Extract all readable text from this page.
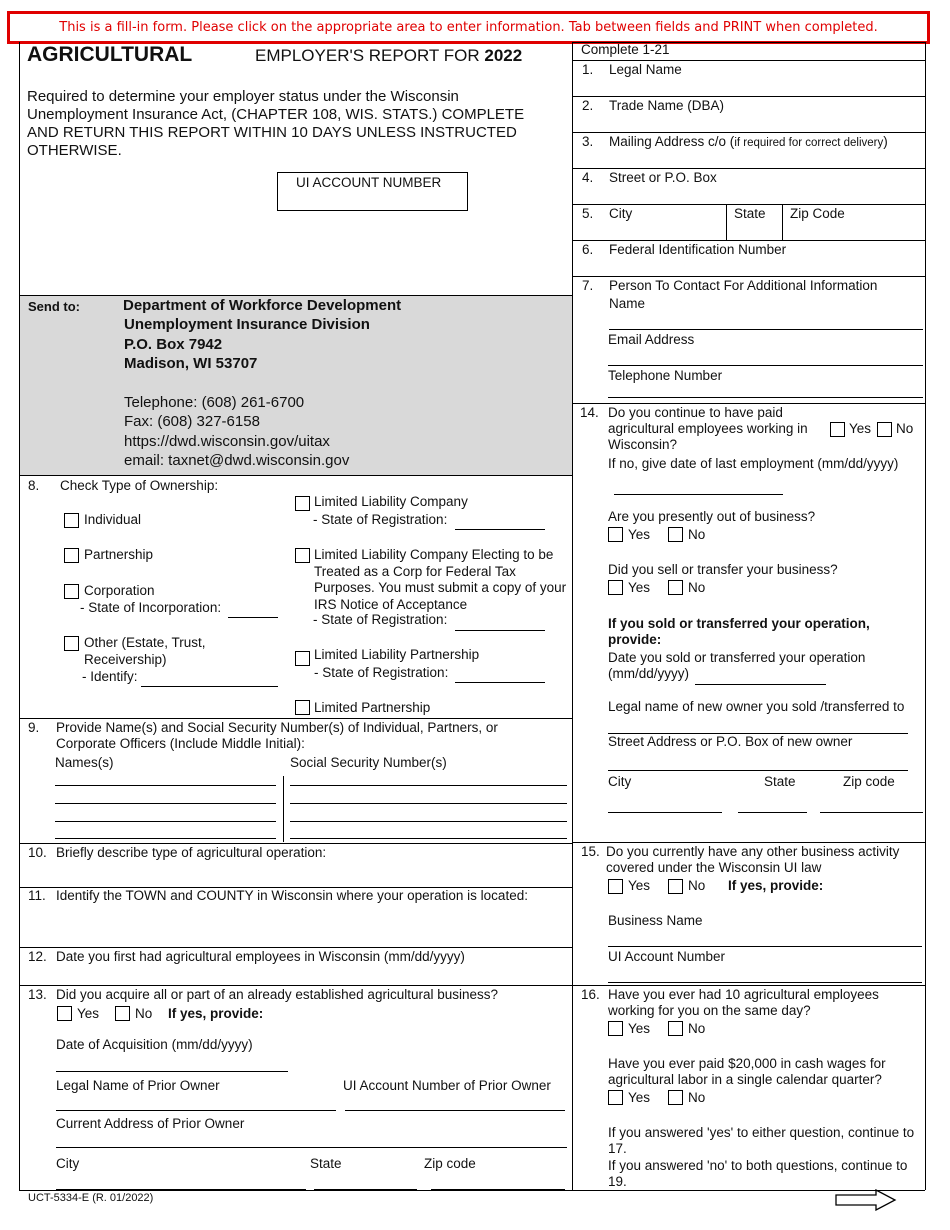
This is a fill-in form. Please click on the appropriate area to enter information. Tab between fields and PRINT when completed.
AGRICULTURAL	EMPLOYER'S REPORT FOR 2022
Required to determine your employer status under the Wisconsin Unemployment Insurance Act, (CHAPTER 108, WIS. STATS.) COMPLETE AND RETURN THIS REPORT WITHIN 10 DAYS UNLESS INSTRUCTED OTHERWISE.
UI ACCOUNT NUMBER
Send to:	Department of Workforce Development
Unemployment Insurance Division
P.O. Box 7942
Madison, WI 53707
Telephone: (608) 261-6700
Fax: (608) 327-6158
https://dwd.wisconsin.gov/uitax
email: taxnet@dwd.wisconsin.gov
Complete 1-21
1. Legal Name
2. Trade Name (DBA)
3. Mailing Address c/o (if required for correct delivery)
4. Street or P.O. Box
5. City	State Zip Code
6. Federal Identification Number
7. Person To Contact For Additional Information
Name
Email Address
Telephone Number
8. Check Type of Ownership:
Individual
Partnership
Corporation
- State of Incorporation:
Other (Estate, Trust,
Receivership)
- Identify:
Limited Liability Company
- State of Registration:
Limited Liability Company Electing to be Treated as a Corp for Federal Tax Purposes. You must submit a copy of your IRS Notice of Acceptance
- State of Registration:
Limited Liability Partnership
- State of Registration:
Limited Partnership
9. Provide Name(s) and Social Security Number(s) of Individual, Partners, or Corporate Officers (Include Middle Initial):
Names(s)	Social Security Number(s)
10. Briefly describe type of agricultural operation:
11. Identify the TOWN and COUNTY in Wisconsin where your operation is located:
12. Date you first had agricultural employees in Wisconsin (mm/dd/yyyy)
13. Did you acquire all or part of an already established agricultural business?
Yes	No If yes, provide:
Date of Acquisition (mm/dd/yyyy)
Legal Name of Prior Owner	UI Account Number of Prior Owner
Current Address of Prior Owner
City	State	Zip code
14. Do you continue to have paid agricultural employees working in Wisconsin?
Yes No
If no, give date of last employment (mm/dd/yyyy)
Are you presently out of business?
Yes	No
Did you sell or transfer your business?
Yes	No
If you sold or transferred your operation, provide:
Date you sold or transferred your operation (mm/dd/yyyy)
Legal name of new owner you sold /transferred to
Street Address or P.O. Box of new owner
City	State	Zip code
15. Do you currently have any other business activity covered under the Wisconsin UI law
Yes	No If yes, provide:
Business Name
UI Account Number
16. Have you ever had 10 agricultural employees working for you on the same day?
Yes	No
Have you ever paid $20,000 in cash wages for agricultural labor in a single calendar quarter?
Yes	No
If you answered 'yes' to either question, continue to 17.
If you answered 'no' to both questions, continue to 19.
UCT-5334-E (R. 01/2022)
